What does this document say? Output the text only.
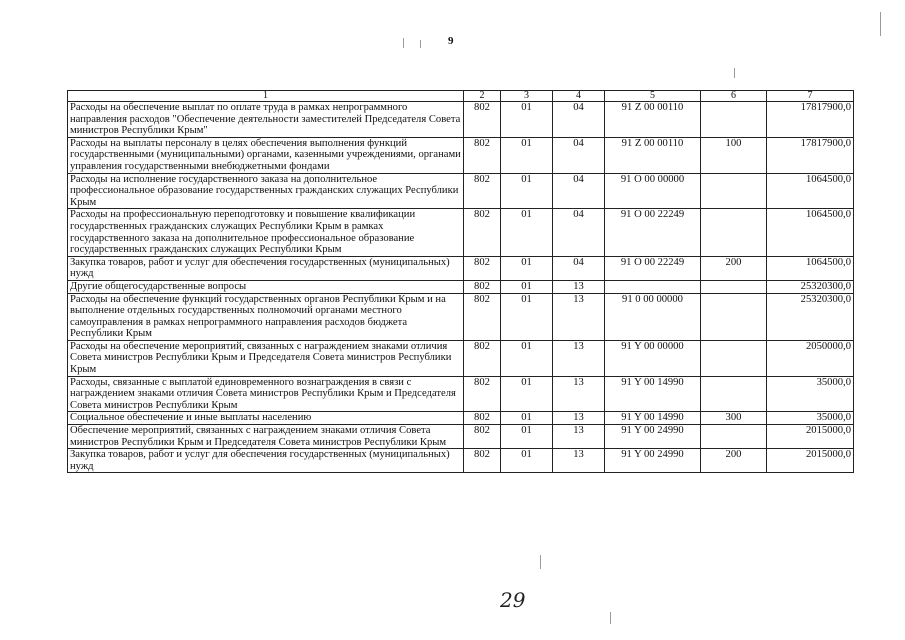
9
1	2	3	4	5	6	7
Расходы на обеспечение выплат по оплате труда в рамках непрограммного направления расходов "Обеспечение деятельности заместителей Председателя Совета министров Республики Крым"	802	01	04	91 Z 00 00110		17817900,0
Расходы на выплаты персоналу в целях обеспечения выполнения функций государственными (муниципальными) органами, казенными учреждениями, органами управления государственными внебюджетными фондами	802	01	04	91 Z 00 00110	100	17817900,0
Расходы на исполнение государственного заказа на дополнительное профессиональное образование государственных гражданских служащих Республики Крым	802	01	04	91 O 00 00000		1064500,0
Расходы на профессиональную переподготовку и повышение квалификации государственных гражданских служащих Республики Крым в рамках государственного заказа на дополнительное профессиональное образование государственных гражданских служащих Республики Крым	802	01	04	91 O 00 22249		1064500,0
Закупка товаров, работ и услуг для обеспечения государственных (муниципальных) нужд	802	01	04	91 O 00 22249	200	1064500,0
Другие общегосударственные вопросы	802	01	13			25320300,0
Расходы на обеспечение функций государственных органов Республики Крым и на выполнение отдельных государственных полномочий органами местного самоуправления в рамках непрограммного направления расходов бюджета Республики Крым	802	01	13	91 0 00 00000		25320300,0
Расходы на обеспечение мероприятий, связанных с награждением знаками отличия Совета министров Республики Крым и Председателя Совета министров Республики Крым	802	01	13	91 Y 00 00000		2050000,0
Расходы, связанные с выплатой единовременного вознаграждения в связи с награждением знаками отличия Совета министров Республики Крым и Председателя Совета министров Республики Крым	802	01	13	91 Y 00 14990		35000,0
Социальное обеспечение и иные выплаты населению	802	01	13	91 Y 00 14990	300	35000,0
Обеспечение мероприятий, связанных с награждением знаками отличия Совета министров Республики Крым и Председателя Совета министров Республики Крым	802	01	13	91 Y 00 24990		2015000,0
Закупка товаров, работ и услуг для обеспечения государственных (муниципальных) нужд	802	01	13	91 Y 00 24990	200	2015000,0
29
